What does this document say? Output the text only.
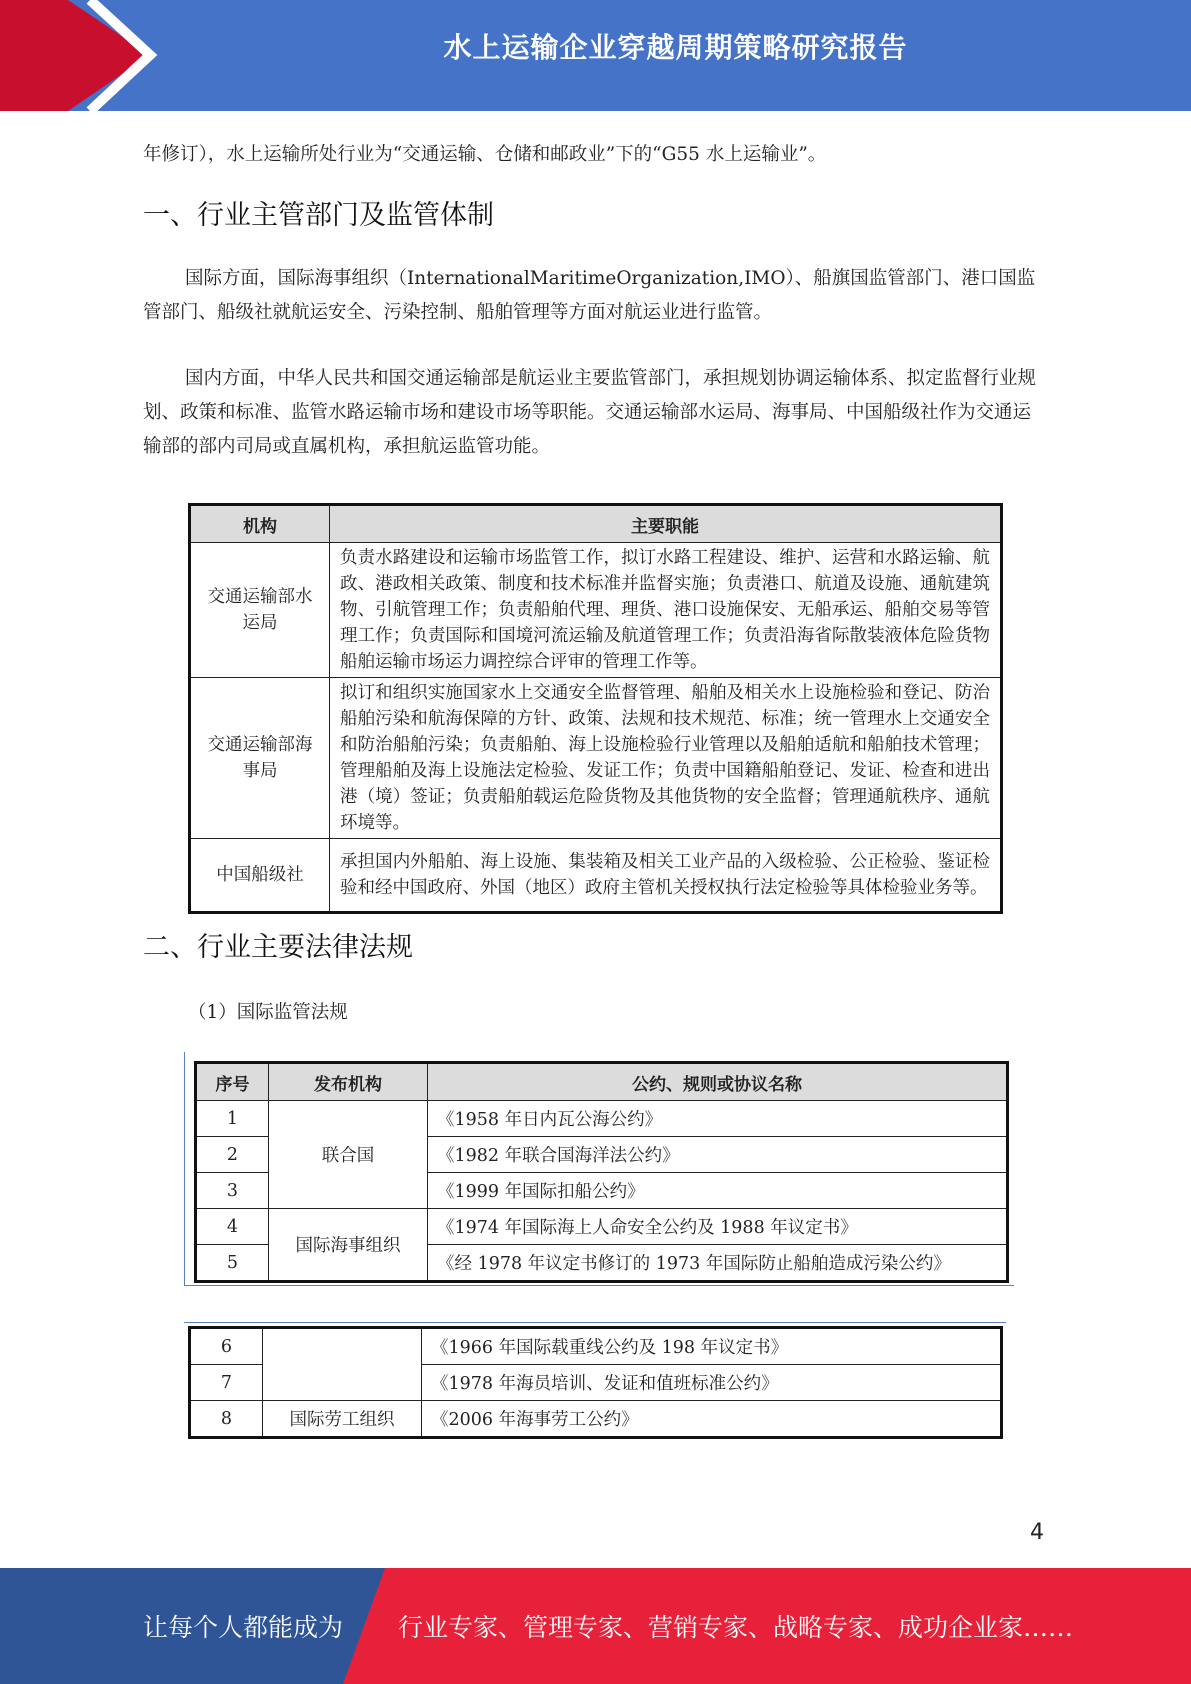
水上运输企业穿越周期策略研究报告

年修订），水上运输所处行业为“交通运输、仓储和邮政业”下的“G55 水上运输业”。

一、行业主管部门及监管体制

国际方面，国际海事组织（InternationalMaritimeOrganization,IMO）、船旗国监管部门、港口国监管部门、船级社就航运安全、污染控制、船舶管理等方面对航运业进行监管。

国内方面，中华人民共和国交通运输部是航运业主要监管部门，承担规划协调运输体系、拟定监督行业规划、政策和标准、监管水路运输市场和建设市场等职能。交通运输部水运局、海事局、中国船级社作为交通运输部的部内司局或直属机构，承担航运监管功能。

机构	主要职能
交通运输部水运局	负责水路建设和运输市场监管工作，拟订水路工程建设、维护、运营和水路运输、航政、港政相关政策、制度和技术标准并监督实施；负责港口、航道及设施、通航建筑物、引航管理工作；负责船舶代理、理货、港口设施保安、无船承运、船舶交易等管理工作；负责国际和国境河流运输及航道管理工作；负责沿海省际散装液体危险货物船舶运输市场运力调控综合评审的管理工作等。
交通运输部海事局	拟订和组织实施国家水上交通安全监督管理、船舶及相关水上设施检验和登记、防治船舶污染和航海保障的方针、政策、法规和技术规范、标准；统一管理水上交通安全和防治船舶污染；负责船舶、海上设施检验行业管理以及船舶适航和船舶技术管理；管理船舶及海上设施法定检验、发证工作；负责中国籍船舶登记、发证、检查和进出港（境）签证；负责船舶载运危险货物及其他货物的安全监督；管理通航秩序、通航环境等。
中国船级社	承担国内外船舶、海上设施、集装箱及相关工业产品的入级检验、公正检验、鉴证检验和经中国政府、外国（地区）政府主管机关授权执行法定检验等具体检验业务等。
二、行业主要法律法规

（1）国际监管法规

序号	发布机构	公约、规则或协议名称
1	联合国	《1958 年日内瓦公海公约》
2		《1982 年联合国海洋法公约》
3		《1999 年国际扣船公约》
4	国际海事组织	《1974 年国际海上人命安全公约及 1988 年议定书》
5		《经 1978 年议定书修订的 1973 年国际防止船舶造成污染公约》
6		《1966 年国际载重线公约及 198 年议定书》
7		《1978 年海员培训、发证和值班标准公约》
8	国际劳工组织	《2006 年海事劳工公约》
4
让每个人都能成为 行业专家、管理专家、营销专家、战略专家、成功企业家……
